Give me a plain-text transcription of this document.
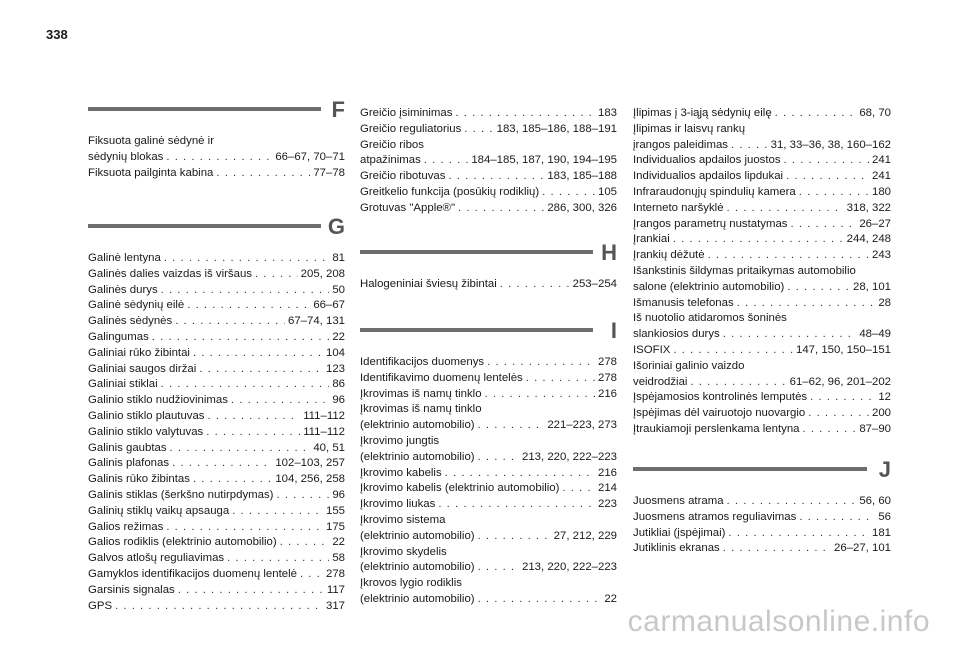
338
F
Fiksuota galinė sėdynė ir
sėdynių blokas . . .	66–67, 70–71
Fiksuota pailginta kabina . . .	77–78
G
Galinė lentyna . . .	81
Galinės dalies vaizdas iš viršaus . . .	205, 208
Galinės durys . . .	50
Galinė sėdynių eilė . . .	66–67
Galinės sėdynės . . .	67–74, 131
Galingumas . . .	22
Galiniai rūko žibintai . . .	104
Galiniai saugos diržai . . .	123
Galiniai stiklai . . .	86
Galinio stiklo nudžiovinimas . . .	96
Galinio stiklo plautuvas . . .	111–112
Galinio stiklo valytuvas . . .	111–112
Galinis gaubtas . . .	40, 51
Galinis plafonas . . .	102–103, 257
Galinis rūko žibintas . . .	104, 256, 258
Galinis stiklas (šerkšno nutirpdymas) . . .	96
Galinių stiklų vaikų apsauga . . .	155
Galios režimas . . .	175
Galios rodiklis (elektrinio automobilio) . . .	22
Galvos atlošų reguliavimas . . .	58
Gamyklos identifikacijos duomenų lentelė . . .	278
Garsinis signalas . . .	117
GPS . . .	317
Greičio įsiminimas . . .	183
Greičio reguliatorius . . .	183, 185–186, 188–191
Greičio ribos
atpažinimas . . .	184–185, 187, 190, 194–195
Greičio ribotuvas . . .	183, 185–188
Greitkelio funkcija (posūkių rodiklių) . . .	105
Grotuvas "Apple®" . . .	286, 300, 326
H
Halogeniniai šviesų žibintai . . .	253–254
I
Identifikacijos duomenys . . .	278
Identifikavimo duomenų lentelės . . .	278
Įkrovimas iš namų tinklo . . .	216
Įkrovimas iš namų tinklo
(elektrinio automobilio) . . .	221–223, 273
Įkrovimo jungtis
(elektrinio automobilio) . . .	213, 220, 222–223
Įkrovimo kabelis . . .	216
Įkrovimo kabelis (elektrinio automobilio) . . .	214
Įkrovimo liukas . . .	223
Įkrovimo sistema
(elektrinio automobilio) . . .	27, 212, 229
Įkrovimo skydelis
(elektrinio automobilio) . . .	213, 220, 222–223
Įkrovos lygio rodiklis
(elektrinio automobilio) . . .	22
Įlipimas į 3-iąją sėdynių eilę . . .	68, 70
Įlipimas ir laisvų rankų
įrangos paleidimas . . .	31, 33–36, 38, 160–162
Individualios apdailos juostos . . .	241
Individualios apdailos lipdukai . . .	241
Infraraudonųjų spindulių kamera . . .	180
Interneto naršyklė . . .	318, 322
Įrangos parametrų nustatymas . . .	26–27
Įrankiai . . .	244, 248
Įrankių dėžutė . . .	243
Išankstinis šildymas pritaikymas automobilio
salone (elektrinio automobilio) . . .	28, 101
Išmanusis telefonas . . .	28
Iš nuotolio atidaromos šoninės
slankiosios durys . . .	48–49
ISOFIX . . .	147, 150, 150–151
Išoriniai galinio vaizdo
veidrodžiai . . .	61–62, 96, 201–202
Įspėjamosios kontrolinės lemputės . . .	12
Įspėjimas dėl vairuotojo nuovargio . . .	200
Įtraukiamoji perslenkama lentyna . . .	87–90
J
Juosmens atrama . . .	56, 60
Juosmens atramos reguliavimas . . .	56
Jutikliai (įspėjimai) . . .	181
Jutiklinis ekranas . . .	26–27, 101
carmanualsonline.info
